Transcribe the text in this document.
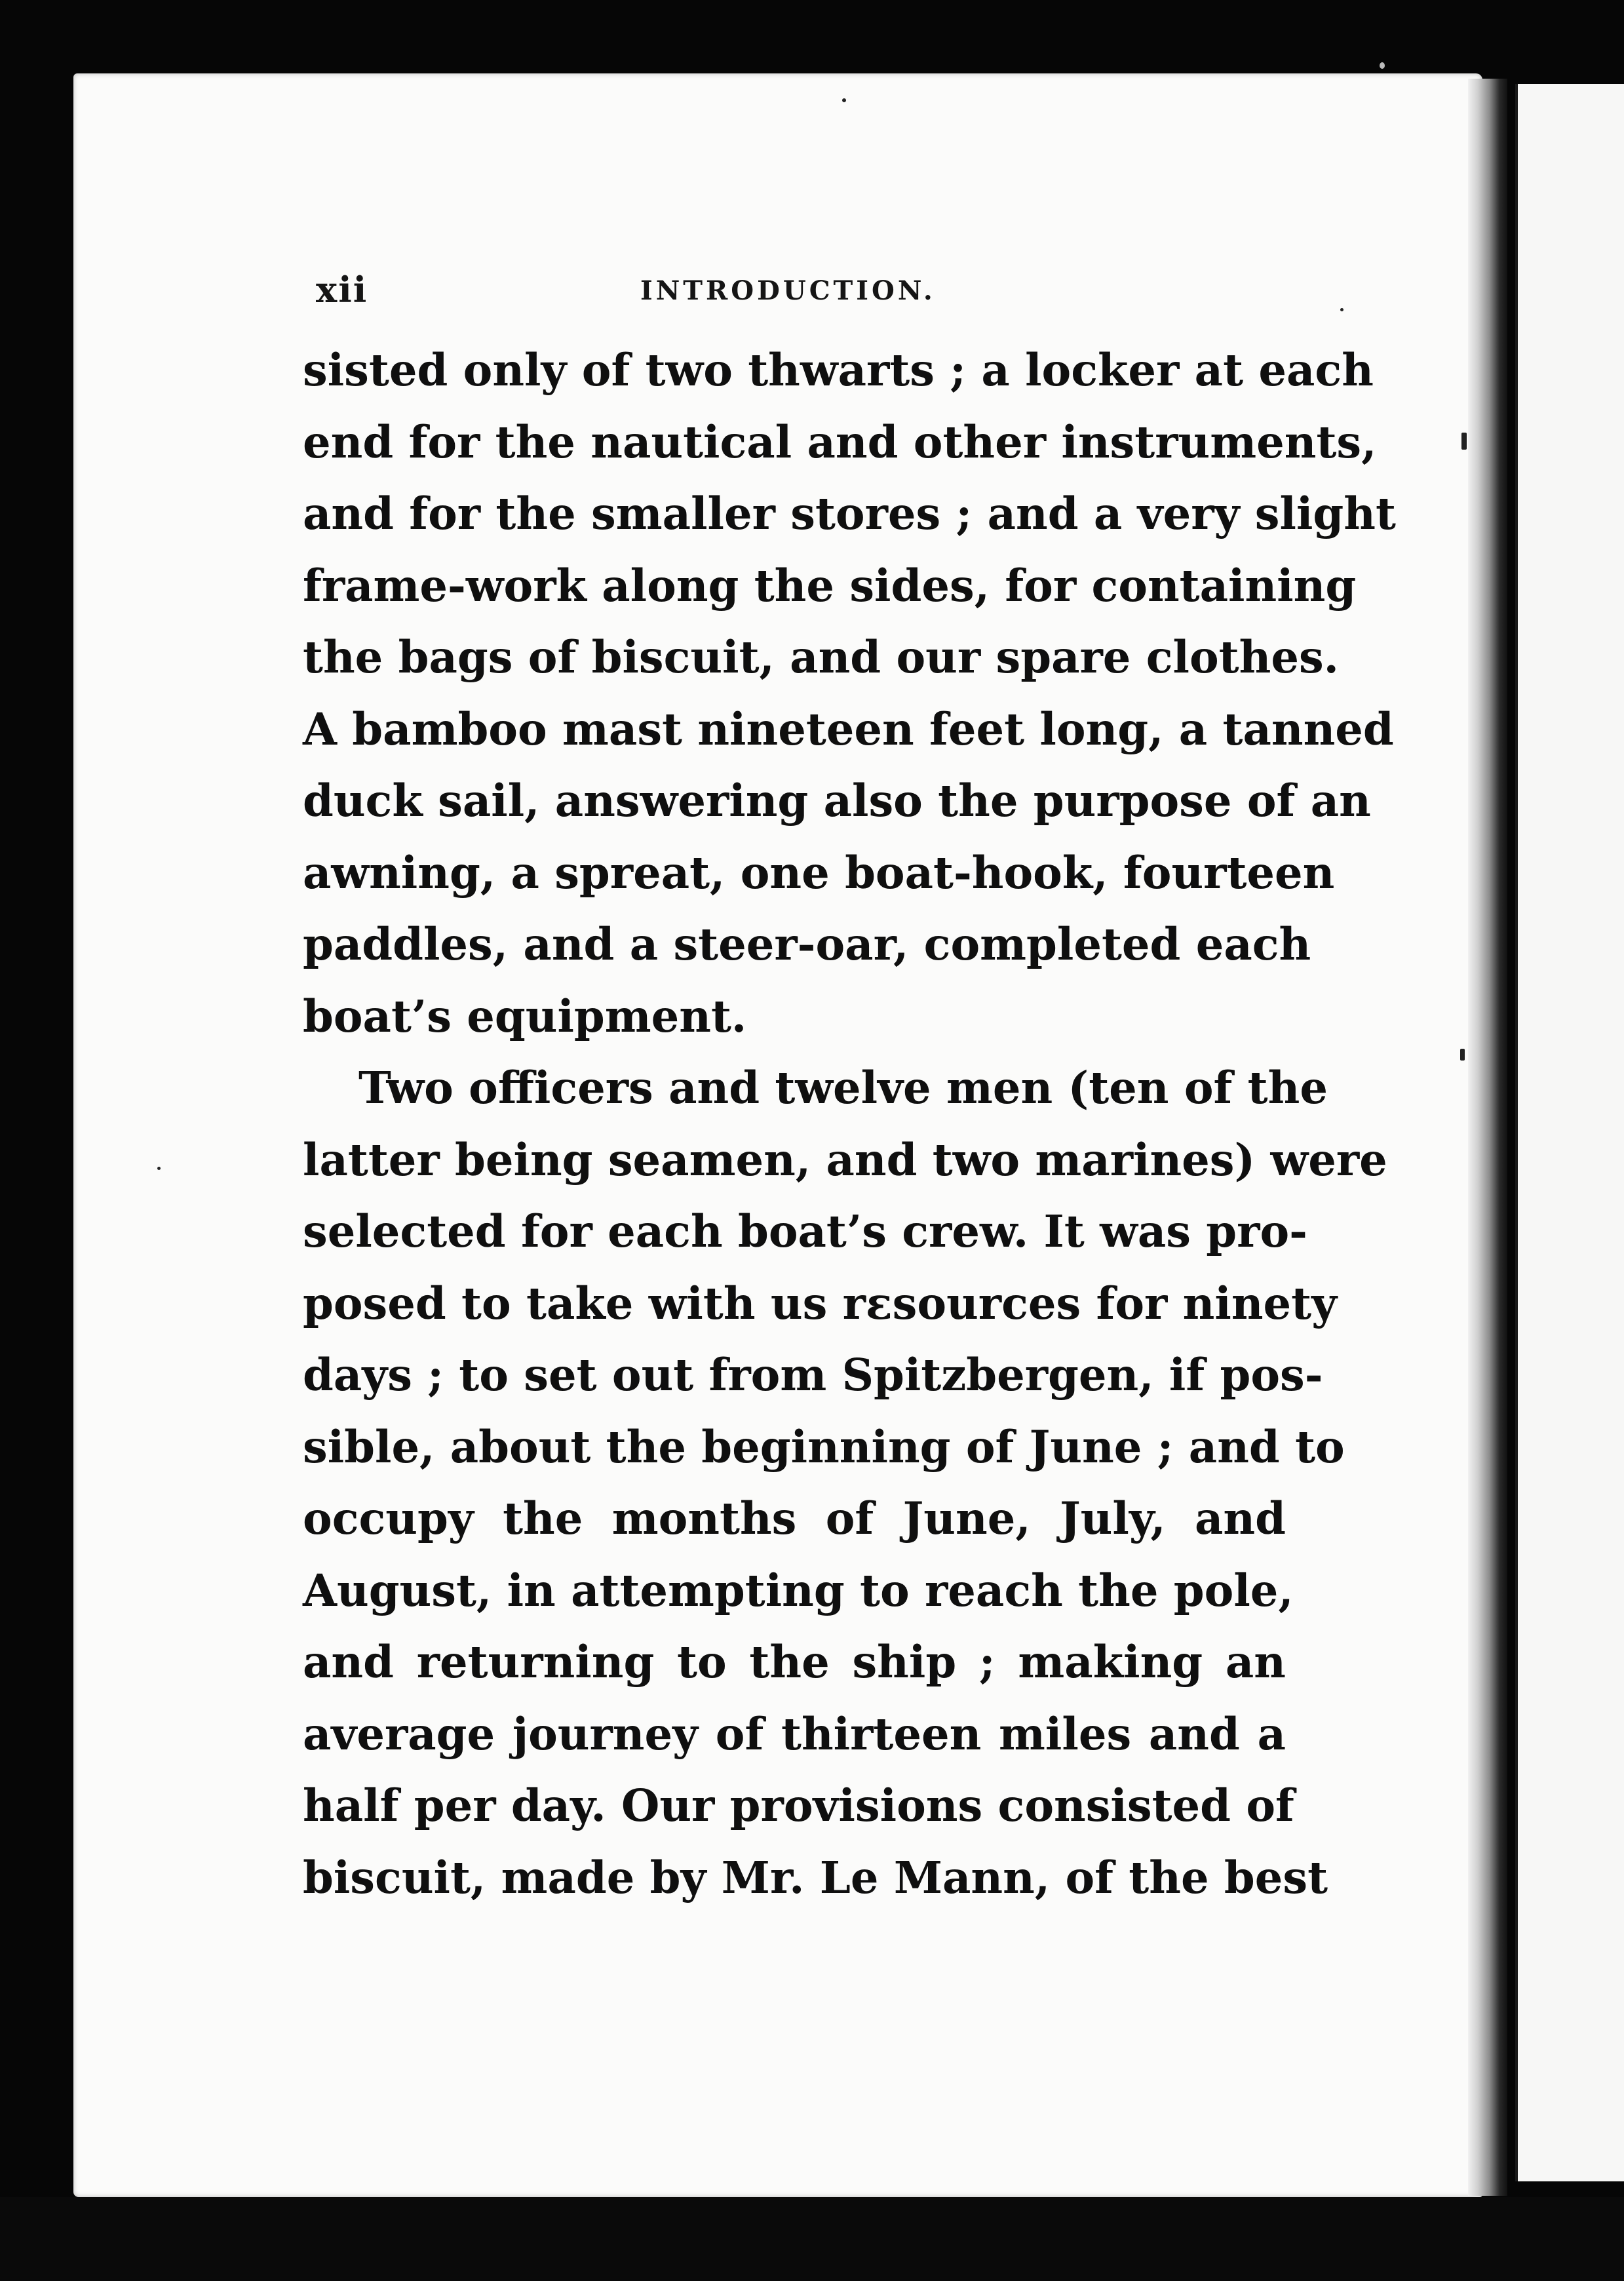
xii	INTRODUCTION.
sisted only of two thwarts ; a locker at each
end for the nautical and other instruments,
and for the smaller stores ; and a very slight
frame-work along the sides, for containing
the bags of biscuit, and our spare clothes.
A bamboo mast nineteen feet long, a tanned
duck sail, answering also the purpose of an
awning, a spreat, one boat-hook, fourteen
paddles, and a steer-oar, completed each
boat’s equipment.
Two officers and twelve men (ten of the
latter being seamen, and two marines) were
selected for each boat’s crew. It was pro-
posed to take with us rεsources for ninety
days ; to set out from Spitzbergen, if pos-
sible, about the beginning of June ; and to
occupy the months of June, July, and
August, in attempting to reach the pole,
and returning to the ship ; making an
average journey of thirteen miles and a
half per day. Our provisions consisted of
biscuit, made by Mr. Le Mann, of the best
